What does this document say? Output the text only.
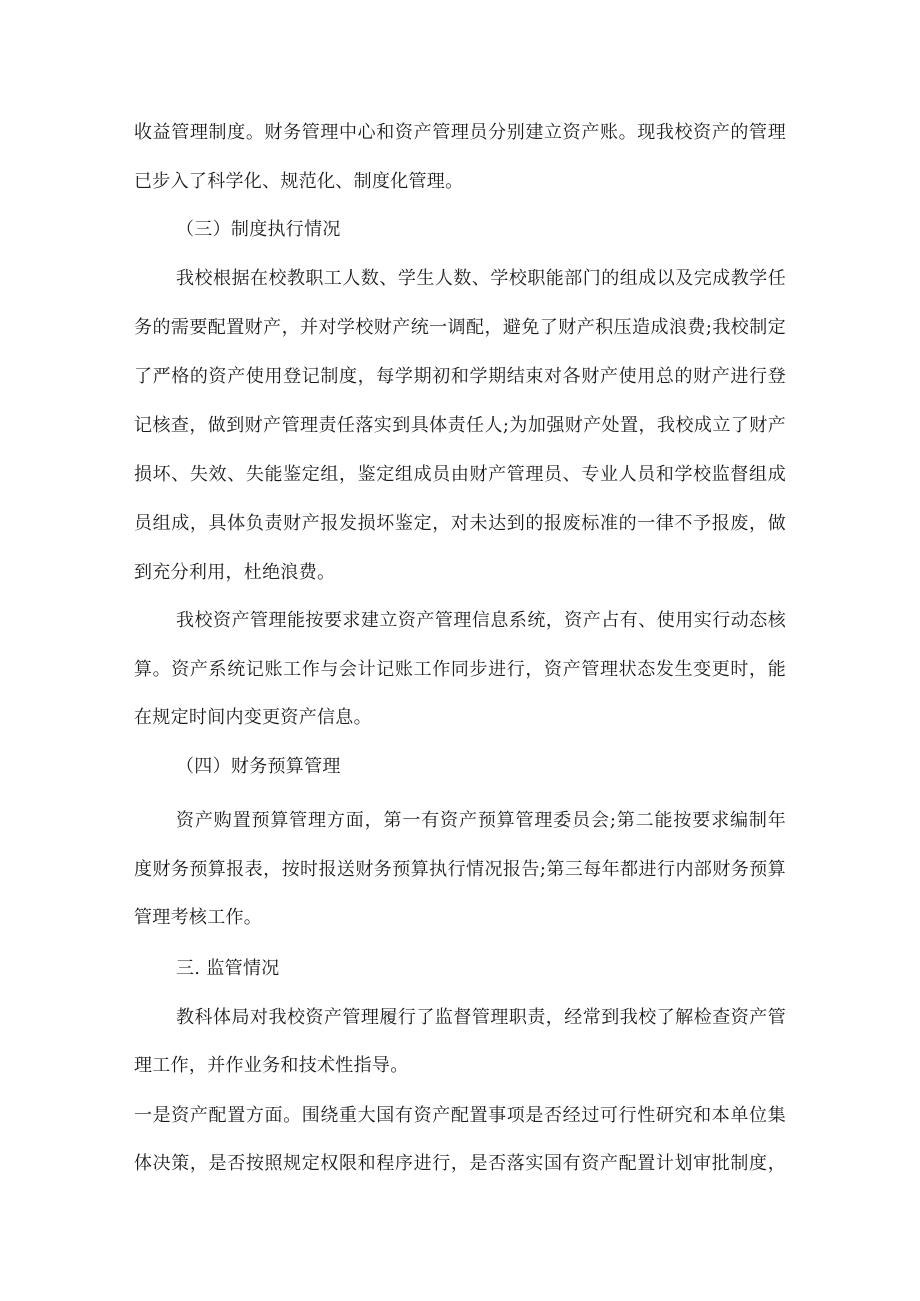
收益管理制度。财务管理中心和资产管理员分别建立资产账。现我校资产的管理
已步入了科学化、规范化、制度化管理。
（三）制度执行情况
我校根据在校教职工人数、学生人数、学校职能部门的组成以及完成教学任
务的需要配置财产，并对学校财产统一调配，避免了财产积压造成浪费;我校制定
了严格的资产使用登记制度，每学期初和学期结束对各财产使用总的财产进行登
记核查，做到财产管理责任落实到具体责任人;为加强财产处置，我校成立了财产
损坏、失效、失能鉴定组，鉴定组成员由财产管理员、专业人员和学校监督组成
员组成，具体负责财产报发损坏鉴定，对未达到的报废标准的一律不予报废，做
到充分利用，杜绝浪费。
我校资产管理能按要求建立资产管理信息系统，资产占有、使用实行动态核
算。资产系统记账工作与会计记账工作同步进行，资产管理状态发生变更时，能
在规定时间内变更资产信息。
（四）财务预算管理
资产购置预算管理方面，第一有资产预算管理委员会;第二能按要求编制年
度财务预算报表，按时报送财务预算执行情况报告;第三每年都进行内部财务预算
管理考核工作。
三. 监管情况
教科体局对我校资产管理履行了监督管理职责，经常到我校了解检查资产管
理工作，并作业务和技术性指导。
一是资产配置方面。围绕重大国有资产配置事项是否经过可行性研究和本单位集
体决策，是否按照规定权限和程序进行，是否落实国有资产配置计划审批制度，
